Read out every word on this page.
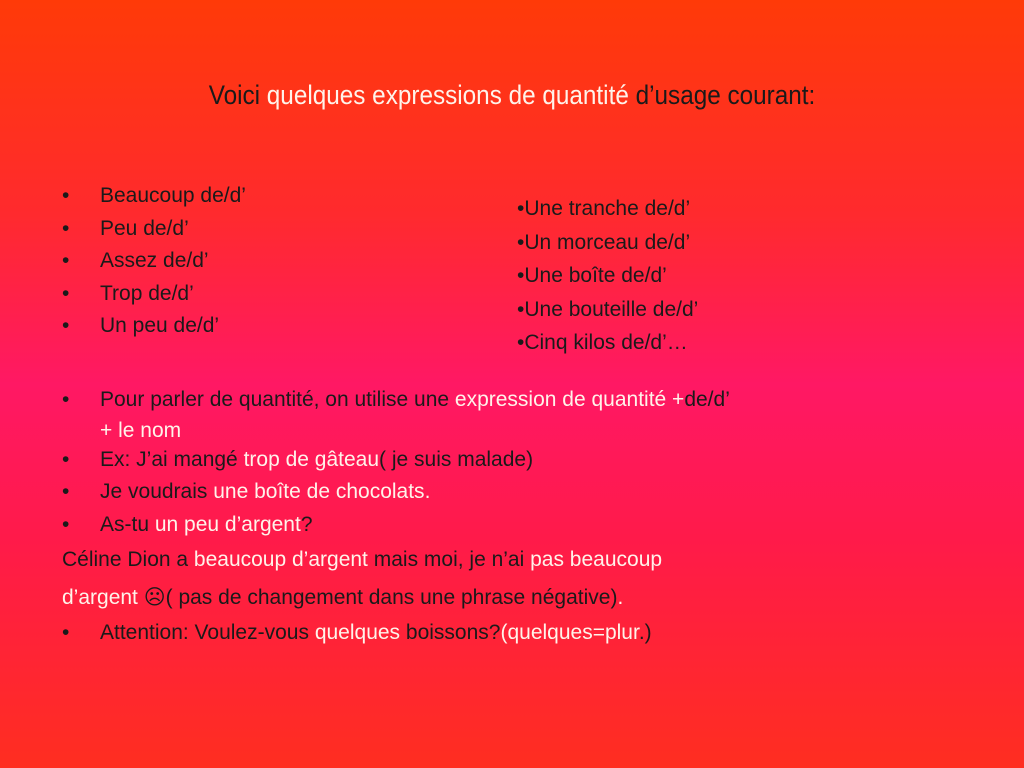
Voici quelques expressions de quantité d’usage courant:
• Beaucoup de/d’
• Peu de/d’
• Assez de/d’
• Trop de/d’
• Un peu de/d’
•Une tranche de/d’
•Un morceau de/d’
•Une boîte de/d’
•Une bouteille de/d’
•Cinq kilos de/d’…
• Pour parler de quantité, on utilise une expression de quantité +de/d’
+ le nom
• Ex: J’ai mangé trop de gâteau( je suis malade)
• Je voudrais une boîte de chocolats.
• As-tu un peu d’argent?
Céline Dion a beaucoup d’argent mais moi, je n’ai pas beaucoup
d’argent ☹( pas de changement dans une phrase négative).
• Attention: Voulez-vous quelques boissons?(quelques=plur.)
